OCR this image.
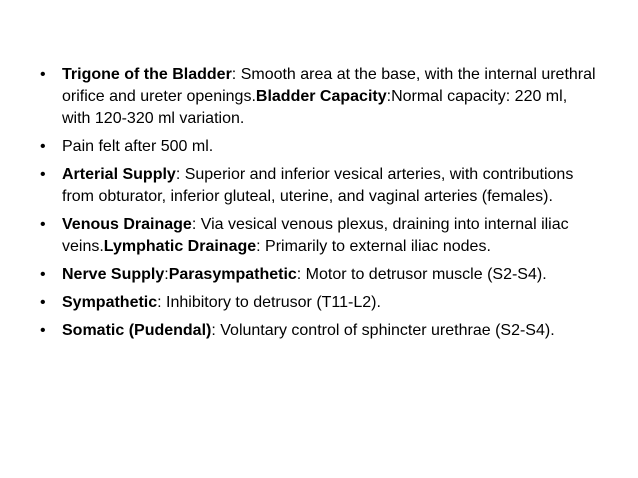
• Trigone of the Bladder: Smooth area at the base, with the internal urethral orifice and ureter openings.Bladder Capacity:Normal capacity: 220 ml, with 120-320 ml variation.
• Pain felt after 500 ml.
• Arterial Supply: Superior and inferior vesical arteries, with contributions from obturator, inferior gluteal, uterine, and vaginal arteries (females).
• Venous Drainage: Via vesical venous plexus, draining into internal iliac veins.Lymphatic Drainage: Primarily to external iliac nodes.
• Nerve Supply:Parasympathetic: Motor to detrusor muscle (S2-S4).
• Sympathetic: Inhibitory to detrusor (T11-L2).
• Somatic (Pudendal): Voluntary control of sphincter urethrae (S2-S4).
